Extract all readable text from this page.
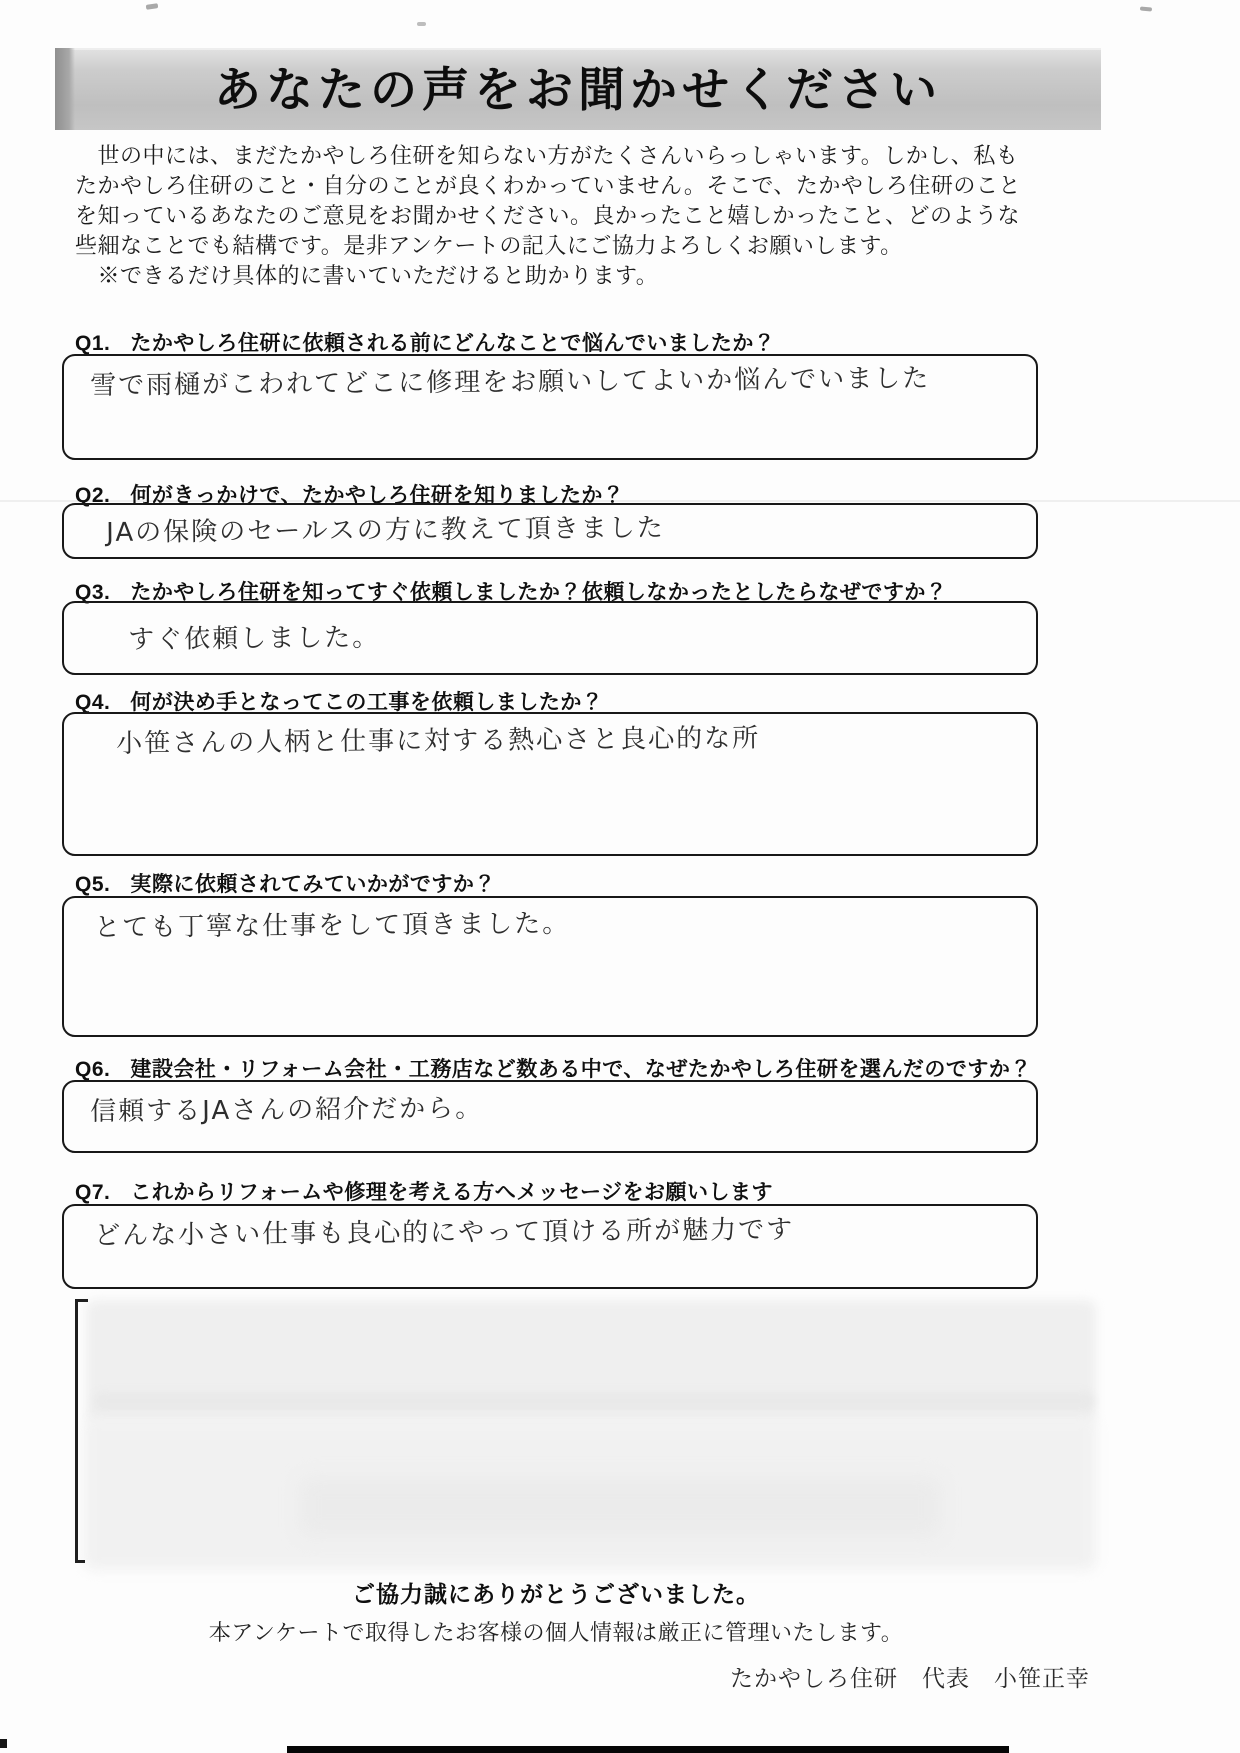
あなたの声をお聞かせください
　世の中には、まだたかやしろ住研を知らない方がたくさんいらっしゃいます。しかし、私も
たかやしろ住研のこと・自分のことが良くわかっていません。そこで、たかやしろ住研のこと
を知っているあなたのご意見をお聞かせください。良かったこと嬉しかったこと、どのような
些細なことでも結構です。是非アンケートの記入にご協力よろしくお願いします。
　※できるだけ具体的に書いていただけると助かります。
Q1. たかやしろ住研に依頼される前にどんなことで悩んでいましたか？
雪で雨樋がこわれてどこに修理をお願いしてよいか悩んでいました
Q2. 何がきっかけで、たかやしろ住研を知りましたか？
JAの保険のセールスの方に教えて頂きました
Q3. たかやしろ住研を知ってすぐ依頼しましたか？依頼しなかったとしたらなぜですか？
すぐ依頼しました。
Q4. 何が決め手となってこの工事を依頼しましたか？
小笹さんの人柄と仕事に対する熱心さと良心的な所
Q5. 実際に依頼されてみていかがですか？
とても丁寧な仕事をして頂きました。
Q6. 建設会社・リフォーム会社・工務店など数ある中で、なぜたかやしろ住研を選んだのですか？
信頼するJAさんの紹介だから。
Q7. これからリフォームや修理を考える方へメッセージをお願いします
どんな小さい仕事も良心的にやって頂ける所が魅力です
ご協力誠にありがとうございました。
本アンケートで取得したお客様の個人情報は厳正に管理いたします。
たかやしろ住研　代表　小笹正幸
